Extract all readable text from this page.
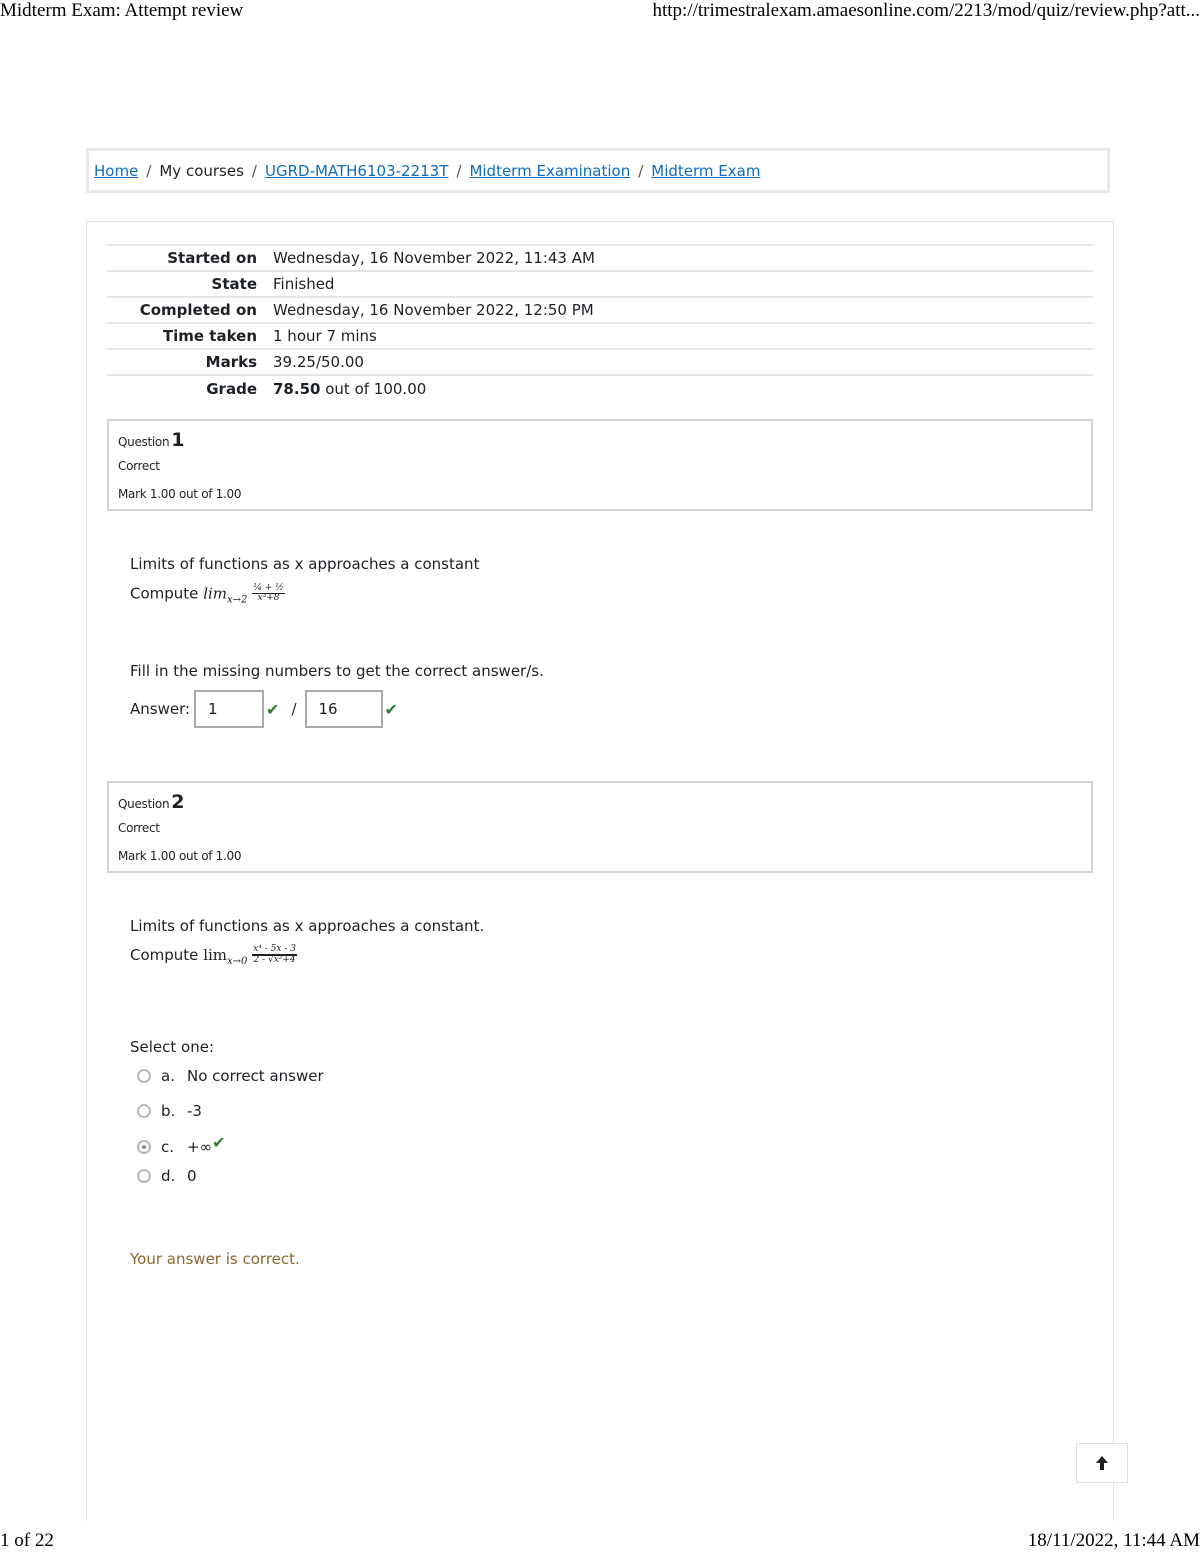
Midterm Exam: Attempt review	http://trimestralexam.amaesonline.com/2213/mod/quiz/review.php?att...
Home / My courses / UGRD-MATH6103-2213T / Midterm Examination / Midterm Exam
Started on	Wednesday, 16 November 2022, 11:43 AM
State	Finished
Completed on	Wednesday, 16 November 2022, 12:50 PM
Time taken	1 hour 7 mins
Marks	39.25/50.00
Grade	78.50 out of 100.00
Question 1
Correct
Mark 1.00 out of 1.00
Limits of functions as x approaches a constant
Compute $\lim_{x\to 2} \frac{\text{¼ + ½}}{\text{x³+8}}$
Fill in the missing numbers to get the correct answer/s.
Answer:
1	✔ /
16	✔
Question 2
Correct
Mark 1.00 out of 1.00
Limits of functions as x approaches a constant.
Compute $\lim_{x\to 0} \frac{\text{x⁴ - 5x - 3}}{\text{2 - √x²+4}}$
Select one:
a. No correct answer
b. -3
c. +∞ ✔
d. 0
Your answer is correct.
1 of 22	18/11/2022, 11:44 AM
